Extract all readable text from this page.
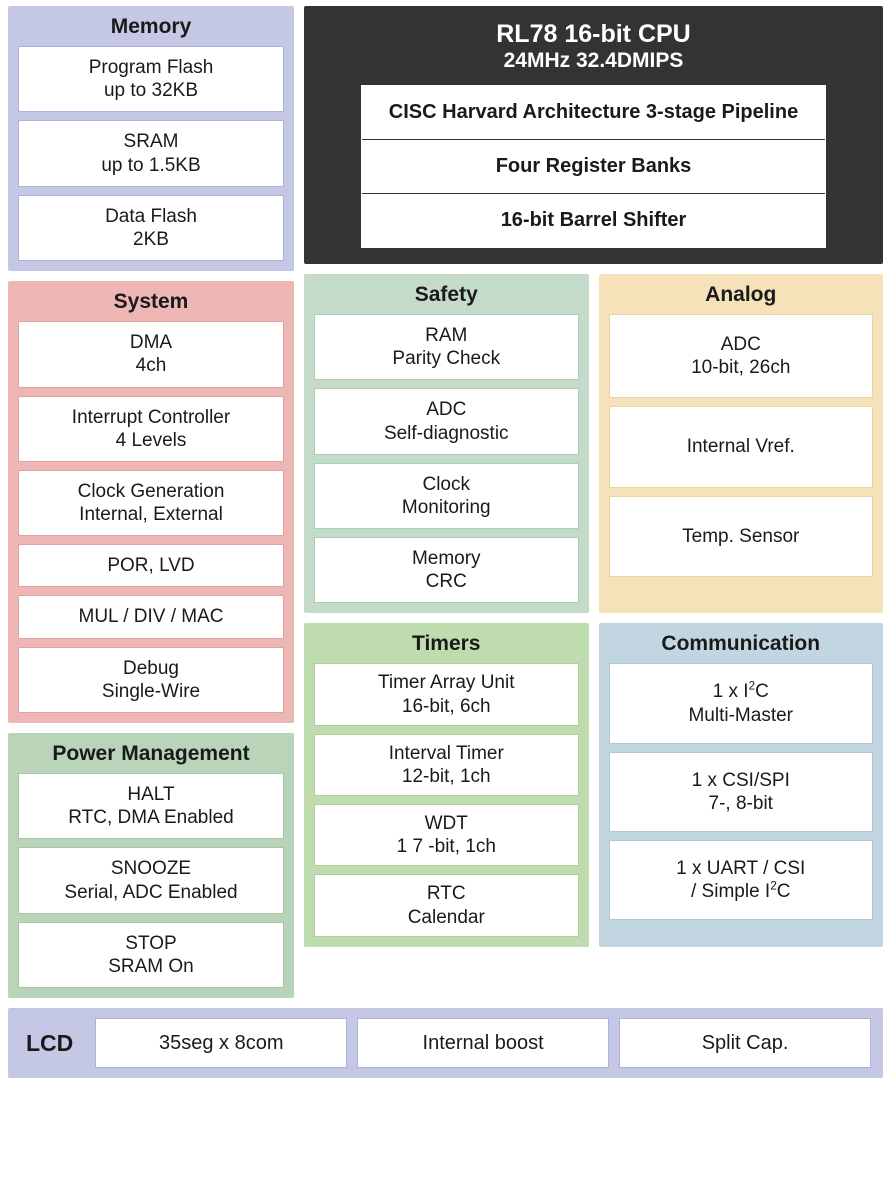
Memory
Program Flash
up to 32KB
SRAM
up to 1.5KB
Data Flash
2KB
System
DMA
4ch
Interrupt Controller
4 Levels
Clock Generation
Internal, External
POR, LVD
MUL / DIV / MAC
Debug
Single-Wire
Power Management
HALT
RTC, DMA Enabled
SNOOZE
Serial, ADC Enabled
STOP
SRAM On
RL78 16-bit CPU
24MHz 32.4DMIPS
CISC Harvard Architecture 3-stage Pipeline
Four Register Banks
16-bit Barrel Shifter
Safety
RAM
Parity Check
ADC
Self-diagnostic
Clock
Monitoring
Memory
CRC
Analog
ADC
10-bit, 26ch
Internal Vref.
Temp. Sensor
Timers
Timer Array Unit
16-bit, 6ch
Interval Timer
12-bit, 1ch
WDT
1 7 -bit, 1ch
RTC
Calendar
Communication
1 x $I^2C$
Multi-Master
1 x CSI/SPI
7-, 8-bit
1 x UART / CSI
/ Simple $I^2C$
LCD	35seg x 8com	Internal boost	Split Cap.
